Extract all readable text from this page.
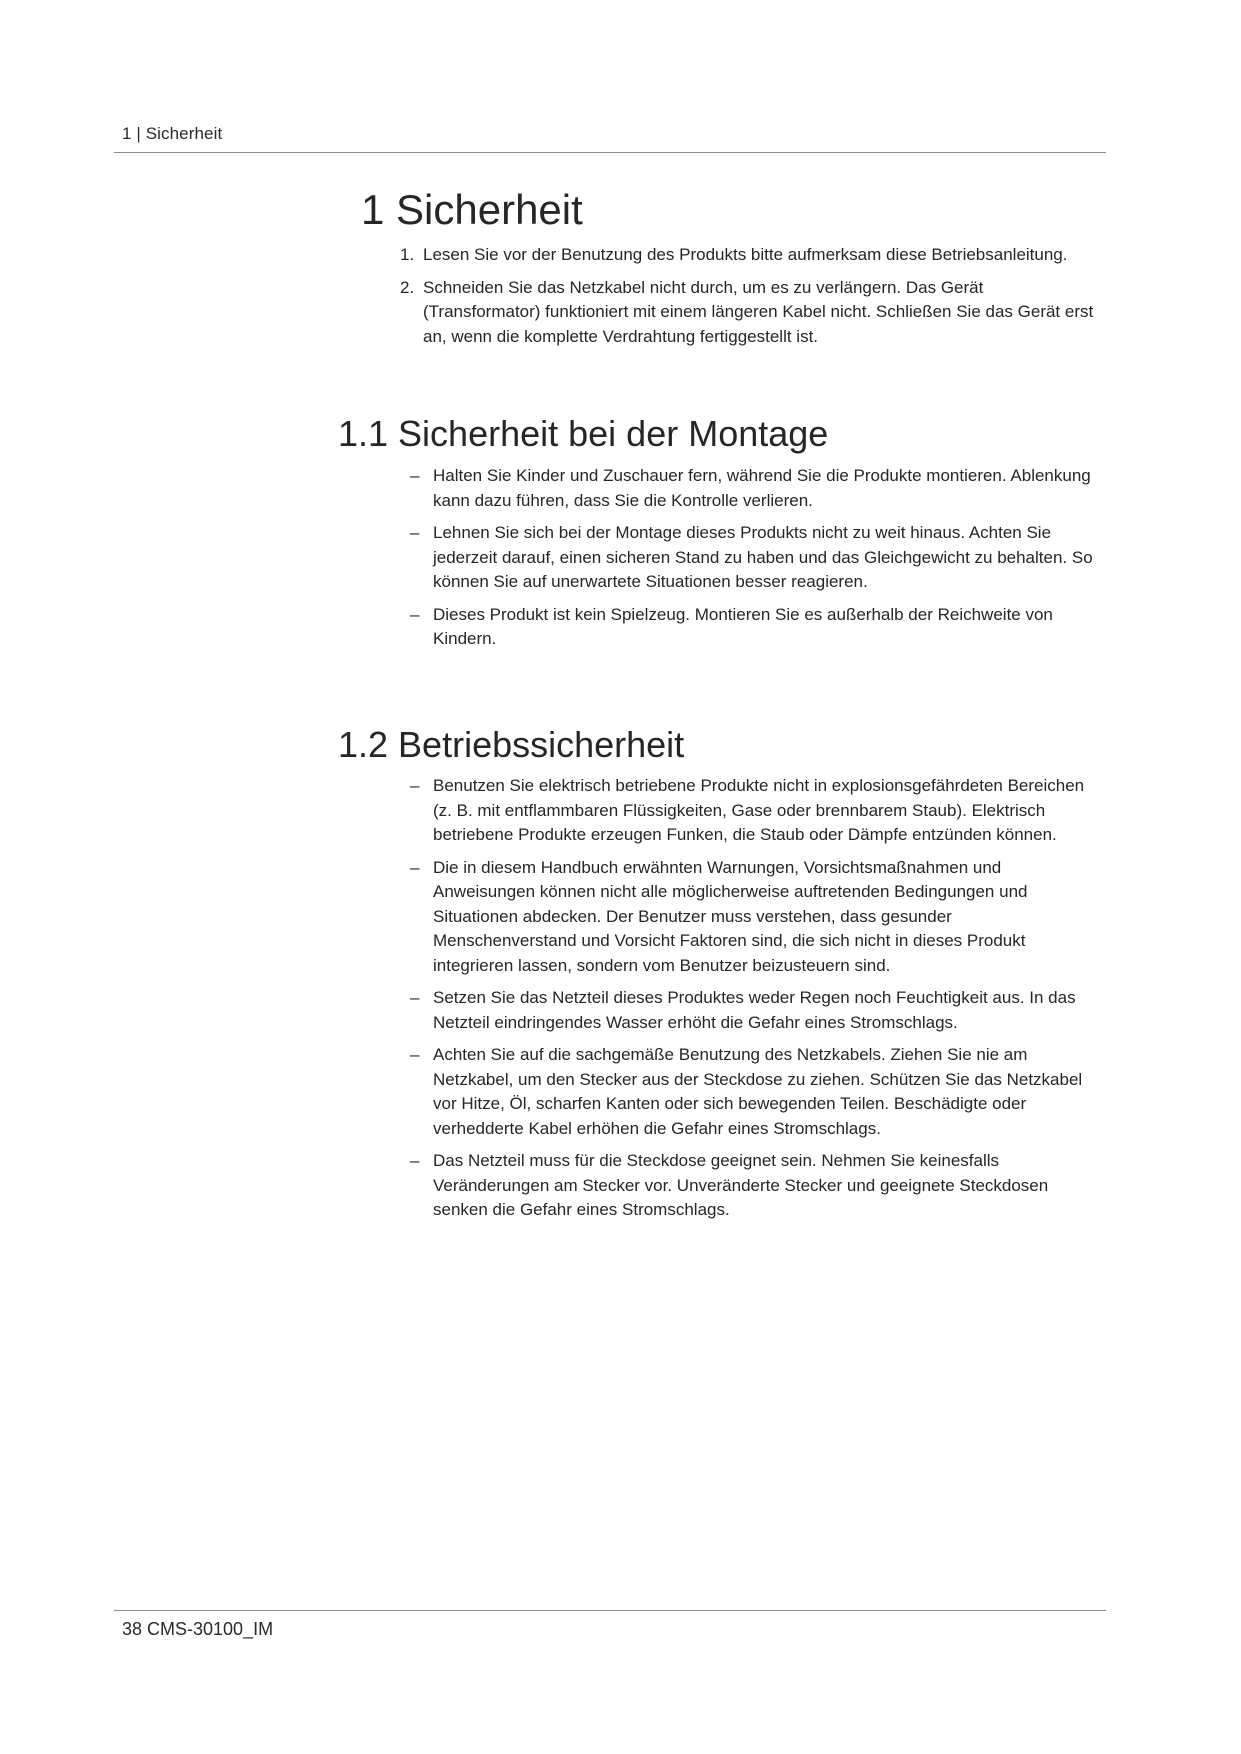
1 | Sicherheit
1 Sicherheit
1. Lesen Sie vor der Benutzung des Produkts bitte aufmerksam diese Betriebsanleitung.
2. Schneiden Sie das Netzkabel nicht durch, um es zu verlängern. Das Gerät (Transformator) funktioniert mit einem längeren Kabel nicht. Schließen Sie das Gerät erst an, wenn die komplette Verdrahtung fertiggestellt ist.
1.1 Sicherheit bei der Montage
– Halten Sie Kinder und Zuschauer fern, während Sie die Produkte montieren. Ablenkung kann dazu führen, dass Sie die Kontrolle verlieren.
– Lehnen Sie sich bei der Montage dieses Produkts nicht zu weit hinaus. Achten Sie jederzeit darauf, einen sicheren Stand zu haben und das Gleichgewicht zu behalten. So können Sie auf unerwartete Situationen besser reagieren.
– Dieses Produkt ist kein Spielzeug. Montieren Sie es außerhalb der Reichweite von Kindern.
1.2 Betriebssicherheit
– Benutzen Sie elektrisch betriebene Produkte nicht in explosionsgefährdeten Bereichen (z. B. mit entflammbaren Flüssigkeiten, Gase oder brennbarem Staub). Elektrisch betriebene Produkte erzeugen Funken, die Staub oder Dämpfe entzünden können.
– Die in diesem Handbuch erwähnten Warnungen, Vorsichtsmaßnahmen und Anweisungen können nicht alle möglicherweise auftretenden Bedingungen und Situationen abdecken. Der Benutzer muss verstehen, dass gesunder Menschenverstand und Vorsicht Faktoren sind, die sich nicht in dieses Produkt integrieren lassen, sondern vom Benutzer beizusteuern sind.
– Setzen Sie das Netzteil dieses Produktes weder Regen noch Feuchtigkeit aus. In das Netzteil eindringendes Wasser erhöht die Gefahr eines Stromschlags.
– Achten Sie auf die sachgemäße Benutzung des Netzkabels. Ziehen Sie nie am Netzkabel, um den Stecker aus der Steckdose zu ziehen. Schützen Sie das Netzkabel vor Hitze, Öl, scharfen Kanten oder sich bewegenden Teilen. Beschädigte oder verhedderte Kabel erhöhen die Gefahr eines Stromschlags.
– Das Netzteil muss für die Steckdose geeignet sein. Nehmen Sie keinesfalls Veränderungen am Stecker vor. Unveränderte Stecker und geeignete Steckdosen senken die Gefahr eines Stromschlags.
38 CMS-30100_IM
